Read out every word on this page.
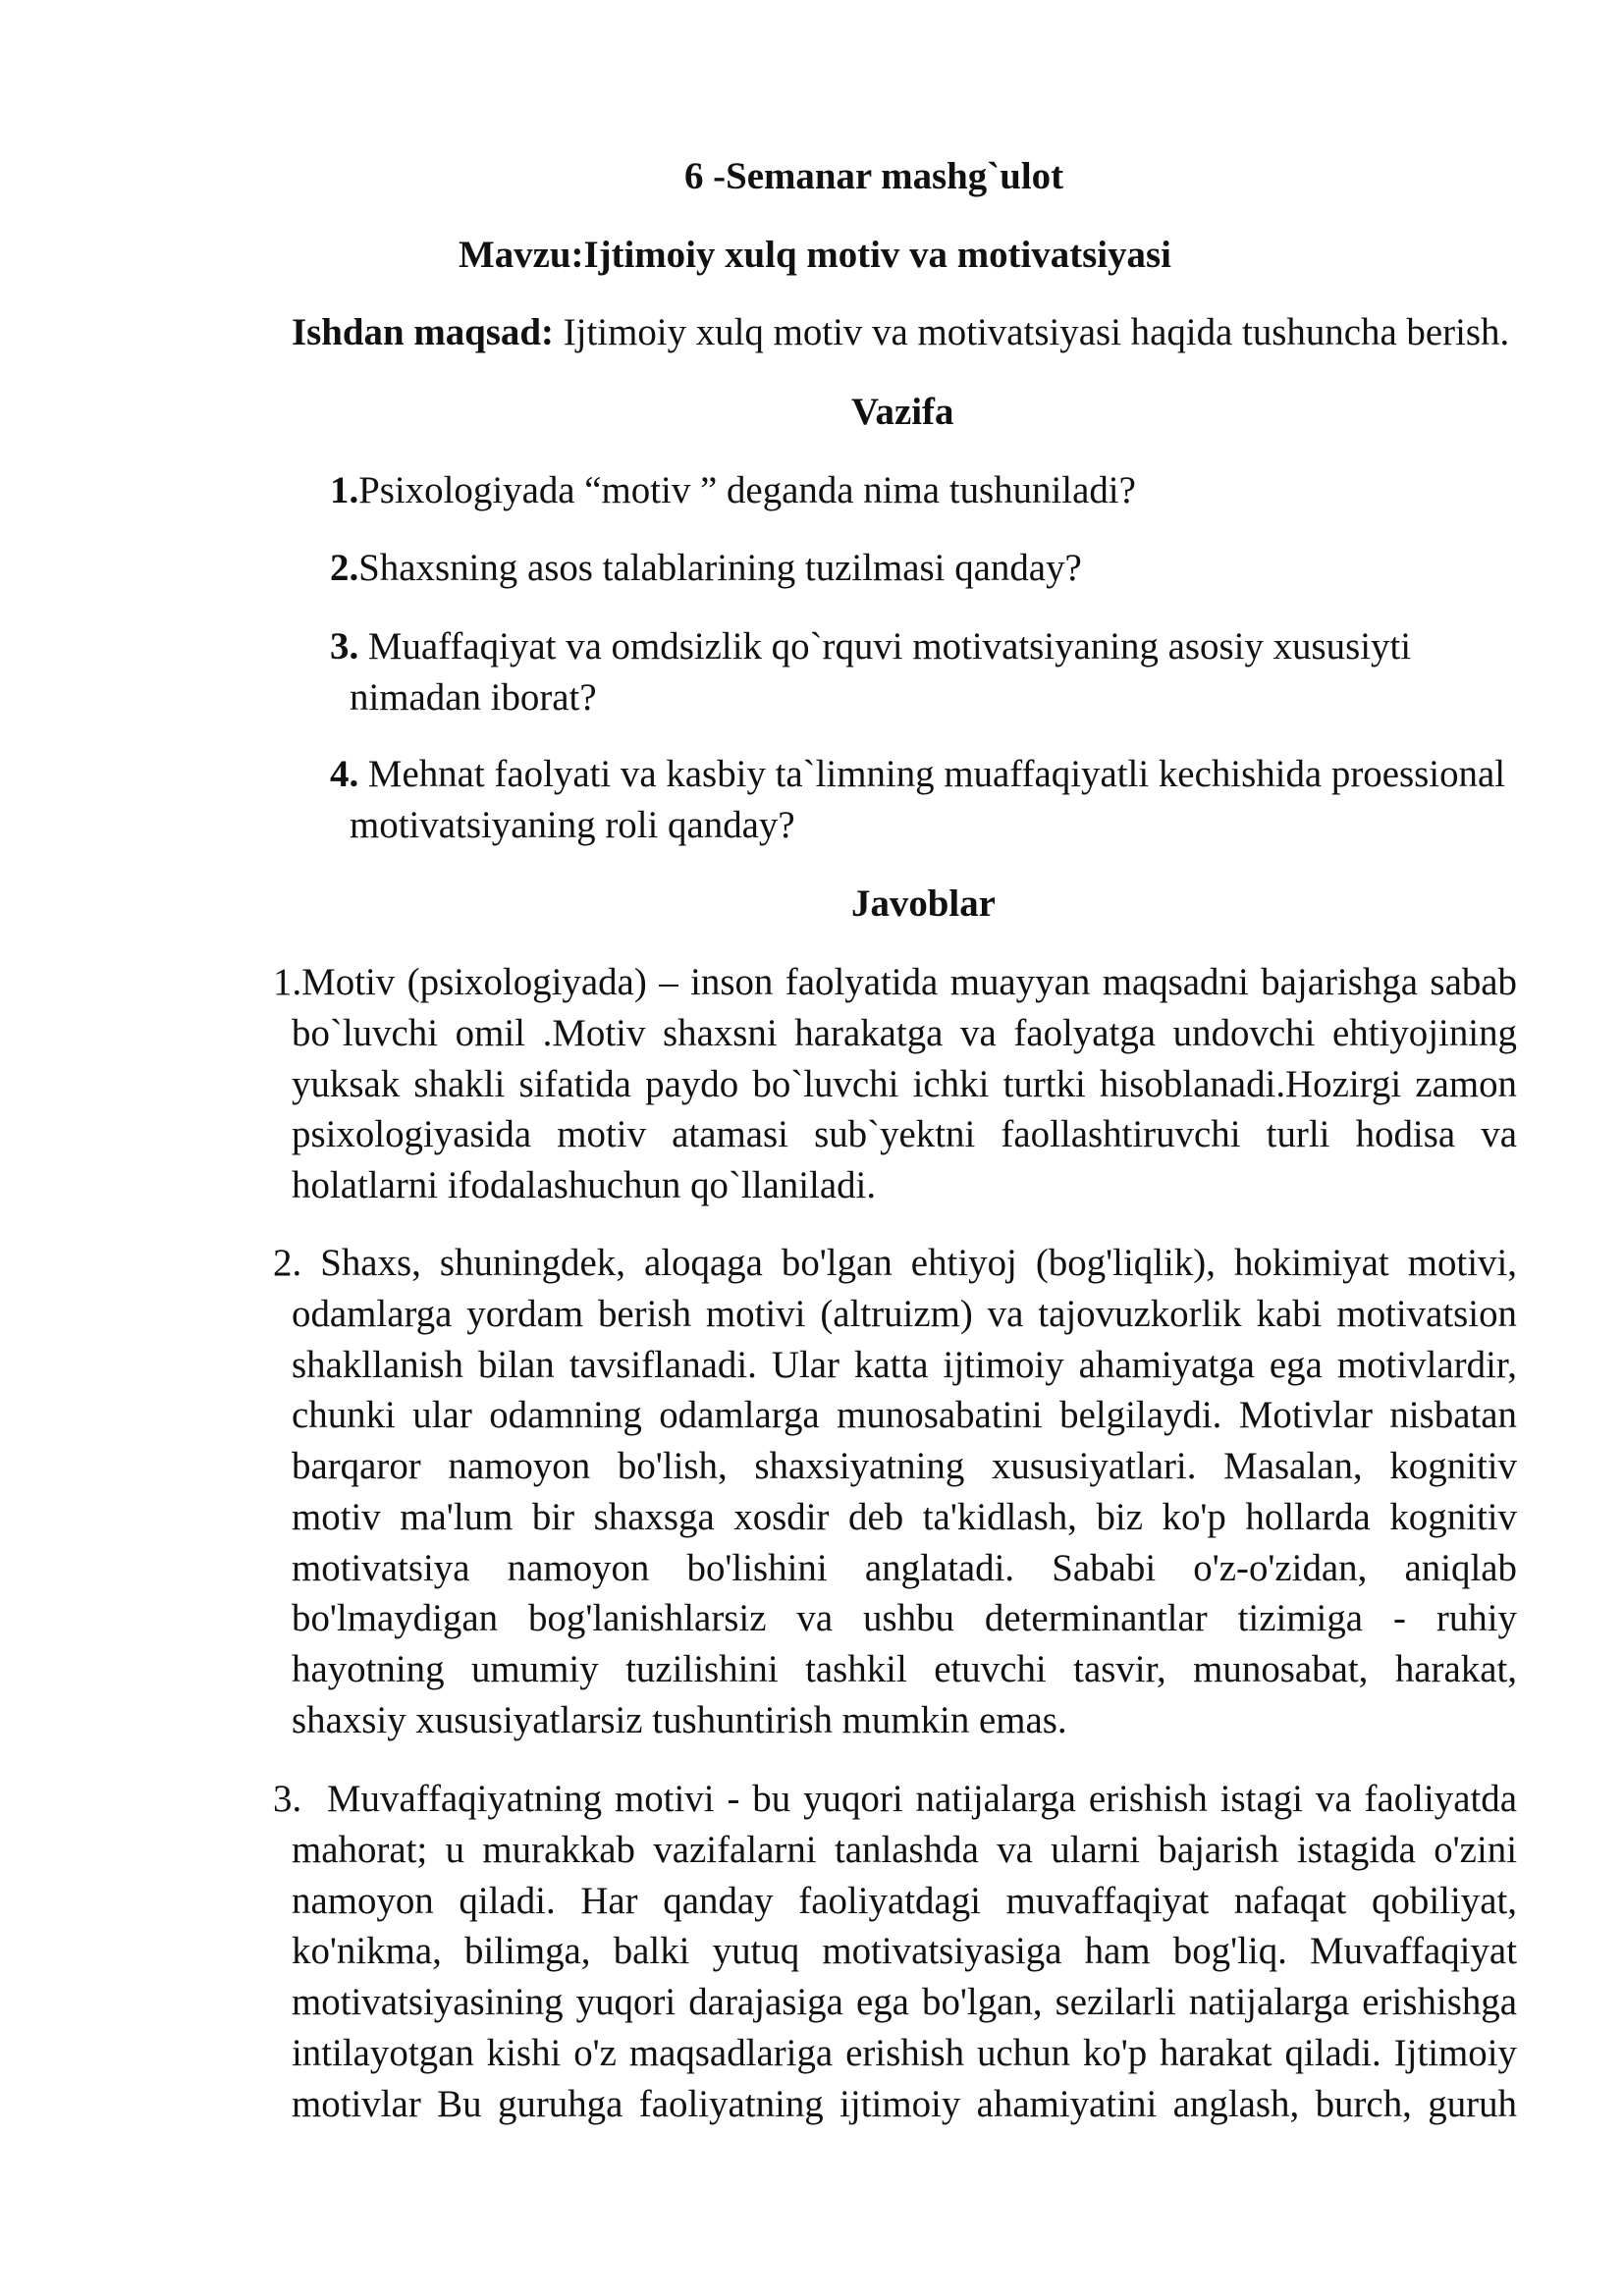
6 -Semanar mashg`ulot
Mavzu:Ijtimoiy xulq motiv va motivatsiyasi
Ishdan maqsad: Ijtimoiy xulq motiv va motivatsiyasi haqida tushuncha berish.
Vazifa
1.Psixologiyada “motiv ” deganda nima tushuniladi?
2.Shaxsning asos talablarining tuzilmasi qanday?
3. Muaffaqiyat va omdsizlik qo`rquvi motivatsiyaning asosiy xususiyti
nimadan iborat?
4. Mehnat faolyati va kasbiy ta`limning muaffaqiyatli kechishida proessional
motivatsiyaning roli qanday?
Javoblar
1.Motiv (psixologiyada) – inson faolyatida muayyan maqsadni bajarishga sabab
bo`luvchi omil .Motiv shaxsni harakatga va faolyatga undovchi ehtiyojining
yuksak shakli sifatida paydo bo`luvchi ichki turtki hisoblanadi.Hozirgi zamon
psixologiyasida motiv atamasi sub`yektni faollashtiruvchi turli hodisa va
holatlarni ifodalashuchun qo`llaniladi.
2. Shaxs, shuningdek, aloqaga bo'lgan ehtiyoj (bog'liqlik), hokimiyat motivi,
odamlarga yordam berish motivi (altruizm) va tajovuzkorlik kabi motivatsion
shakllanish bilan tavsiflanadi. Ular katta ijtimoiy ahamiyatga ega motivlardir,
chunki ular odamning odamlarga munosabatini belgilaydi. Motivlar nisbatan
barqaror namoyon bo'lish, shaxsiyatning xususiyatlari. Masalan, kognitiv
motiv ma'lum bir shaxsga xosdir deb ta'kidlash, biz ko'p hollarda kognitiv
motivatsiya namoyon bo'lishini anglatadi. Sababi o'z-o'zidan, aniqlab
bo'lmaydigan bog'lanishlarsiz va ushbu determinantlar tizimiga - ruhiy
hayotning umumiy tuzilishini tashkil etuvchi tasvir, munosabat, harakat,
shaxsiy xususiyatlarsiz tushuntirish mumkin emas.
3.  Muvaffaqiyatning motivi - bu yuqori natijalarga erishish istagi va faoliyatda
mahorat; u murakkab vazifalarni tanlashda va ularni bajarish istagida o'zini
namoyon qiladi. Har qanday faoliyatdagi muvaffaqiyat nafaqat qobiliyat,
ko'nikma, bilimga, balki yutuq motivatsiyasiga ham bog'liq. Muvaffaqiyat
motivatsiyasining yuqori darajasiga ega bo'lgan, sezilarli natijalarga erishishga
intilayotgan kishi o'z maqsadlariga erishish uchun ko'p harakat qiladi. Ijtimoiy
motivlar Bu guruhga faoliyatning ijtimoiy ahamiyatini anglash, burch, guruh
